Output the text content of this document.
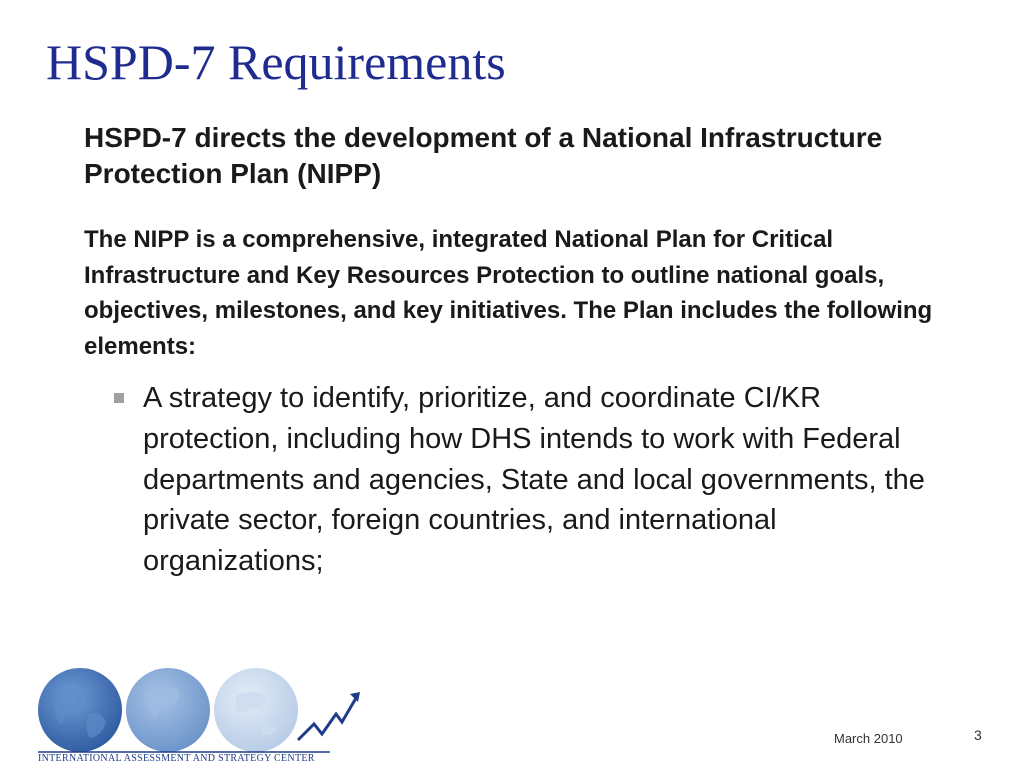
HSPD-7 Requirements
HSPD-7 directs the development of a National Infrastructure Protection Plan (NIPP)
The NIPP is a comprehensive, integrated National Plan for Critical Infrastructure and Key Resources Protection to outline national goals, objectives, milestones, and key initiatives. The Plan includes the following elements:
A strategy to identify, prioritize, and coordinate CI/KR protection, including how DHS intends to work with Federal departments and agencies, State and local governments, the private sector, foreign countries, and international organizations;
INTERNATIONAL ASSESSMENT AND STRATEGY CENTER
March 2010	3
